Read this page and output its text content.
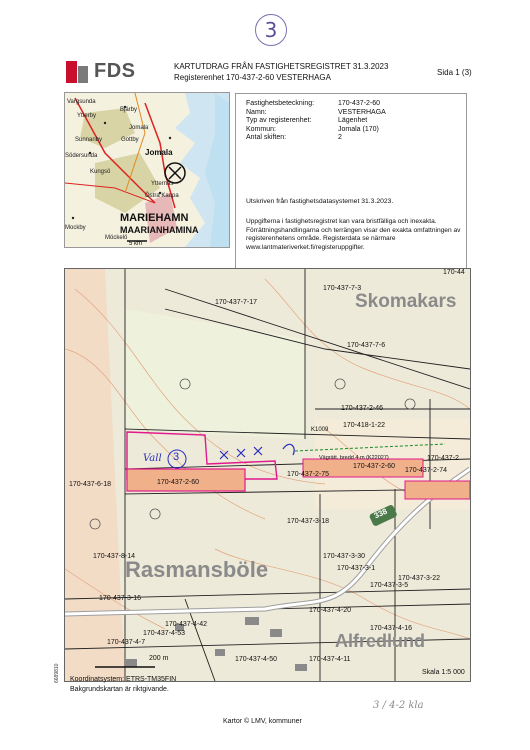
3
FDS	KARTUTDRAG FRÅN FASTIGHETSREGISTRET 31.3.2023
Registerenhet 170-437-2-60 VESTERHAGA
Sida 1 (3)
Vargsunda
Bjärby
Ytterby
Jomala
Sunnanby
Södersunda
Gottby
Kungsö
Jomala
Ytternäs
Mockby
Östra Kaupa
Möckelö
MARIEHAMN
MAARIANHAMINA
5 km
Fastighetsbeteckning:	170-437-2-60
Namn:	VESTERHAGA
Typ av registerenhet:	Lägenhet
Kommun:	Jomala (170)
Antal skiften:	2
Utskriven från fastighetsdatasystemet 31.3.2023.
Uppgifterna i fastighetsregistret kan vara bristfälliga och inexakta. Förrättningshandlingarna och terrängen visar den exakta omfattningen av registerenhetens område. Registerdata se närmare www.lantmateriverket.fi/registeruppgifter.
Skomakars
Rasmansböle
Alfredlund
170-437-7-3
170-437-7-17
170-437-7-6
170-437-2-46
170-418-1-22
K1009
170-437-2-60
170-437-2-60
170-437-2-75
Vägrätt, bredd 4 m (K22027)
170-437-3-18
170-437-6-18
170-437-8-14
170-437-3-16
170-437-4-53
170-437-4-7
170-437-4-42
170-437-4-50	170-437-4-11
170-437-3-22
170-437-3-5
170-437-4-16
170-437-4-20
170-437-3-30
170-437-3-1
170-437-2-74
170-437-2
170-44
338
Vall 3
200 m
Skala 1:5 000
Koordinatsystem: ETRS-TM35FIN
Bakgrundskartan är riktgivande.
6689810
3 / 4-2 kla
Kartor © LMV, kommuner
